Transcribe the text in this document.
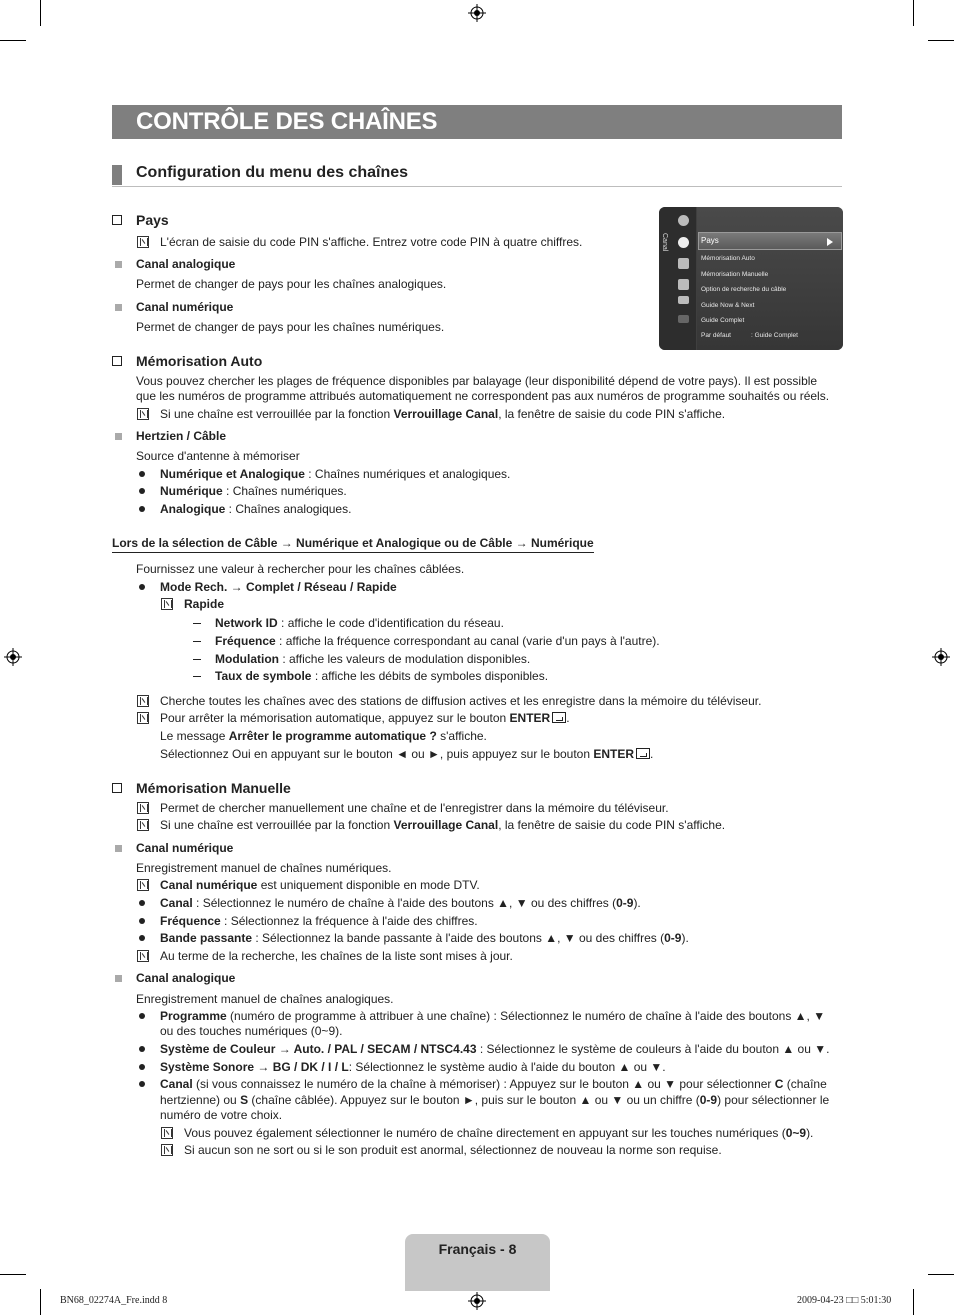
CONTRÔLE DES CHAÎNES
Configuration du menu des chaînes
Pays
L'écran de saisie du code PIN s'affiche. Entrez votre code PIN à quatre chiffres.
Canal analogique
Permet de changer de pays pour les chaînes analogiques.
Canal numérique
Permet de changer de pays pour les chaînes numériques.
Canal	Pays
Mémorisation Auto
Mémorisation Manuelle
Option de recherche du câble
Guide Now & Next
Guide Complet
Par défaut	: Guide Complet
Mémorisation Auto
Vous pouvez chercher les plages de fréquence disponibles par balayage (leur disponibilité dépend de votre pays). Il est possible
que les numéros de programme attribués automatiquement ne correspondent pas aux numéros de programme souhaités ou réels.
Si une chaîne est verrouillée par la fonction Verrouillage Canal, la fenêtre de saisie du code PIN s'affiche.
Hertzien / Câble
Source d'antenne à mémoriser
Numérique et Analogique : Chaînes numériques et analogiques.
Numérique : Chaînes numériques.
Analogique : Chaînes analogiques.
Lors de la sélection de Câble → Numérique et Analogique ou de Câble → Numérique
Fournissez une valeur à rechercher pour les chaînes câblées.
Mode Rech. → Complet / Réseau / Rapide
Rapide
Network ID : affiche le code d'identification du réseau.
Fréquence : affiche la fréquence correspondant au canal (varie d'un pays à l'autre).
Modulation : affiche les valeurs de modulation disponibles.
Taux de symbole : affiche les débits de symboles disponibles.
Cherche toutes les chaînes avec des stations de diffusion actives et les enregistre dans la mémoire du téléviseur.
Pour arrêter la mémorisation automatique, appuyez sur le bouton ENTER .
Le message Arrêter le programme automatique ? s'affiche.
Sélectionnez Oui en appuyant sur le bouton ◄ ou ►, puis appuyez sur le bouton ENTER .
Mémorisation Manuelle
Permet de chercher manuellement une chaîne et de l'enregistrer dans la mémoire du téléviseur.
Si une chaîne est verrouillée par la fonction Verrouillage Canal, la fenêtre de saisie du code PIN s'affiche.
Canal numérique
Enregistrement manuel de chaînes numériques.
Canal numérique est uniquement disponible en mode DTV.
Canal : Sélectionnez le numéro de chaîne à l'aide des boutons ▲, ▼ ou des chiffres (0-9).
Fréquence : Sélectionnez la fréquence à l'aide des chiffres.
Bande passante : Sélectionnez la bande passante à l'aide des boutons ▲, ▼ ou des chiffres (0-9).
Au terme de la recherche, les chaînes de la liste sont mises à jour.
Canal analogique
Enregistrement manuel de chaînes analogiques.
Programme (numéro de programme à attribuer à une chaîne) : Sélectionnez le numéro de chaîne à l'aide des boutons ▲, ▼
ou des touches numériques (0~9).
Système de Couleur → Auto. / PAL / SECAM / NTSC4.43 : Sélectionnez le système de couleurs à l'aide du bouton ▲ ou ▼.
Système Sonore → BG / DK / I / L: Sélectionnez le système audio à l'aide du bouton ▲ ou ▼.
Canal (si vous connaissez le numéro de la chaîne à mémoriser) : Appuyez sur le bouton ▲ ou ▼ pour sélectionner C (chaîne
hertzienne) ou S (chaîne câblée). Appuyez sur le bouton ►, puis sur le bouton ▲ ou ▼ ou un chiffre (0-9) pour sélectionner le
numéro de votre choix.
Vous pouvez également sélectionner le numéro de chaîne directement en appuyant sur les touches numériques (0~9).
Si aucun son ne sort ou si le son produit est anormal, sélectionnez de nouveau la norme son requise.
Français - 8
BN68_02274A_Fre.indd 8	2009-04-23 □□ 5:01:30
